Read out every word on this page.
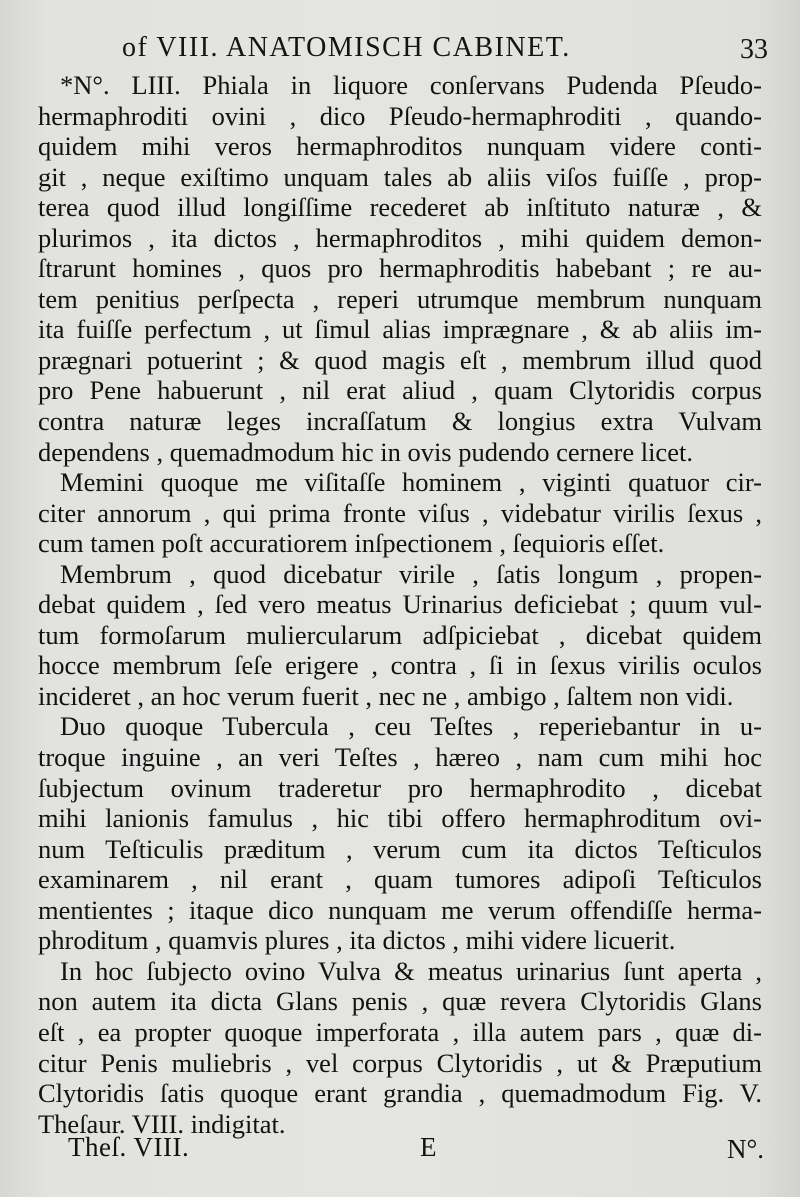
of VIII. ANATOMISCH CABINET.	33
*N°. LIII. Phiala in liquore conſervans Pudenda Pſeudo-
hermaphroditi ovini , dico Pſeudo-hermaphroditi , quando-
quidem mihi veros hermaphroditos nunquam videre conti-
git , neque exiſtimo unquam tales ab aliis viſos fuiſſe , prop-
terea quod illud longiſſime recederet ab inſtituto naturæ , &
plurimos , ita dictos , hermaphroditos , mihi quidem demon-
ſtrarunt homines , quos pro hermaphroditis habebant ; re au-
tem penitius perſpecta , reperi utrumque membrum nunquam
ita fuiſſe perfectum , ut ſimul alias imprægnare , & ab aliis im-
prægnari potuerint ; & quod magis eſt , membrum illud quod
pro Pene habuerunt , nil erat aliud , quam Clytoridis corpus
contra naturæ leges incraſſatum & longius extra Vulvam
dependens , quemadmodum hic in ovis pudendo cernere licet.
Memini quoque me viſitaſſe hominem , viginti quatuor cir-
citer annorum , qui prima fronte viſus , videbatur virilis ſexus ,
cum tamen poſt accuratiorem inſpectionem , ſequioris eſſet.
Membrum , quod dicebatur virile , ſatis longum , propen-
debat quidem , ſed vero meatus Urinarius deficiebat ; quum vul-
tum formoſarum muliercularum adſpiciebat , dicebat quidem
hocce membrum ſeſe erigere , contra , ſi in ſexus virilis oculos
incideret , an hoc verum fuerit , nec ne , ambigo , ſaltem non vidi.
Duo quoque Tubercula , ceu Teſtes , reperiebantur in u-
troque inguine , an veri Teſtes , hæreo , nam cum mihi hoc
ſubjectum ovinum traderetur pro hermaphrodito , dicebat
mihi lanionis famulus , hic tibi offero hermaphroditum ovi-
num Teſticulis præditum , verum cum ita dictos Teſticulos
examinarem , nil erant , quam tumores adipoſi Teſticulos
mentientes ; itaque dico nunquam me verum offendiſſe herma-
phroditum , quamvis plures , ita dictos , mihi videre licuerit.
In hoc ſubjecto ovino Vulva & meatus urinarius ſunt aperta ,
non autem ita dicta Glans penis , quæ revera Clytoridis Glans
eſt , ea propter quoque imperforata , illa autem pars , quæ di-
citur Penis muliebris , vel corpus Clytoridis , ut & Præputium
Clytoridis ſatis quoque erant grandia , quemadmodum Fig. V.
Theſaur. VIII. indigitat.
Theſ. VIII.	E	N°.
